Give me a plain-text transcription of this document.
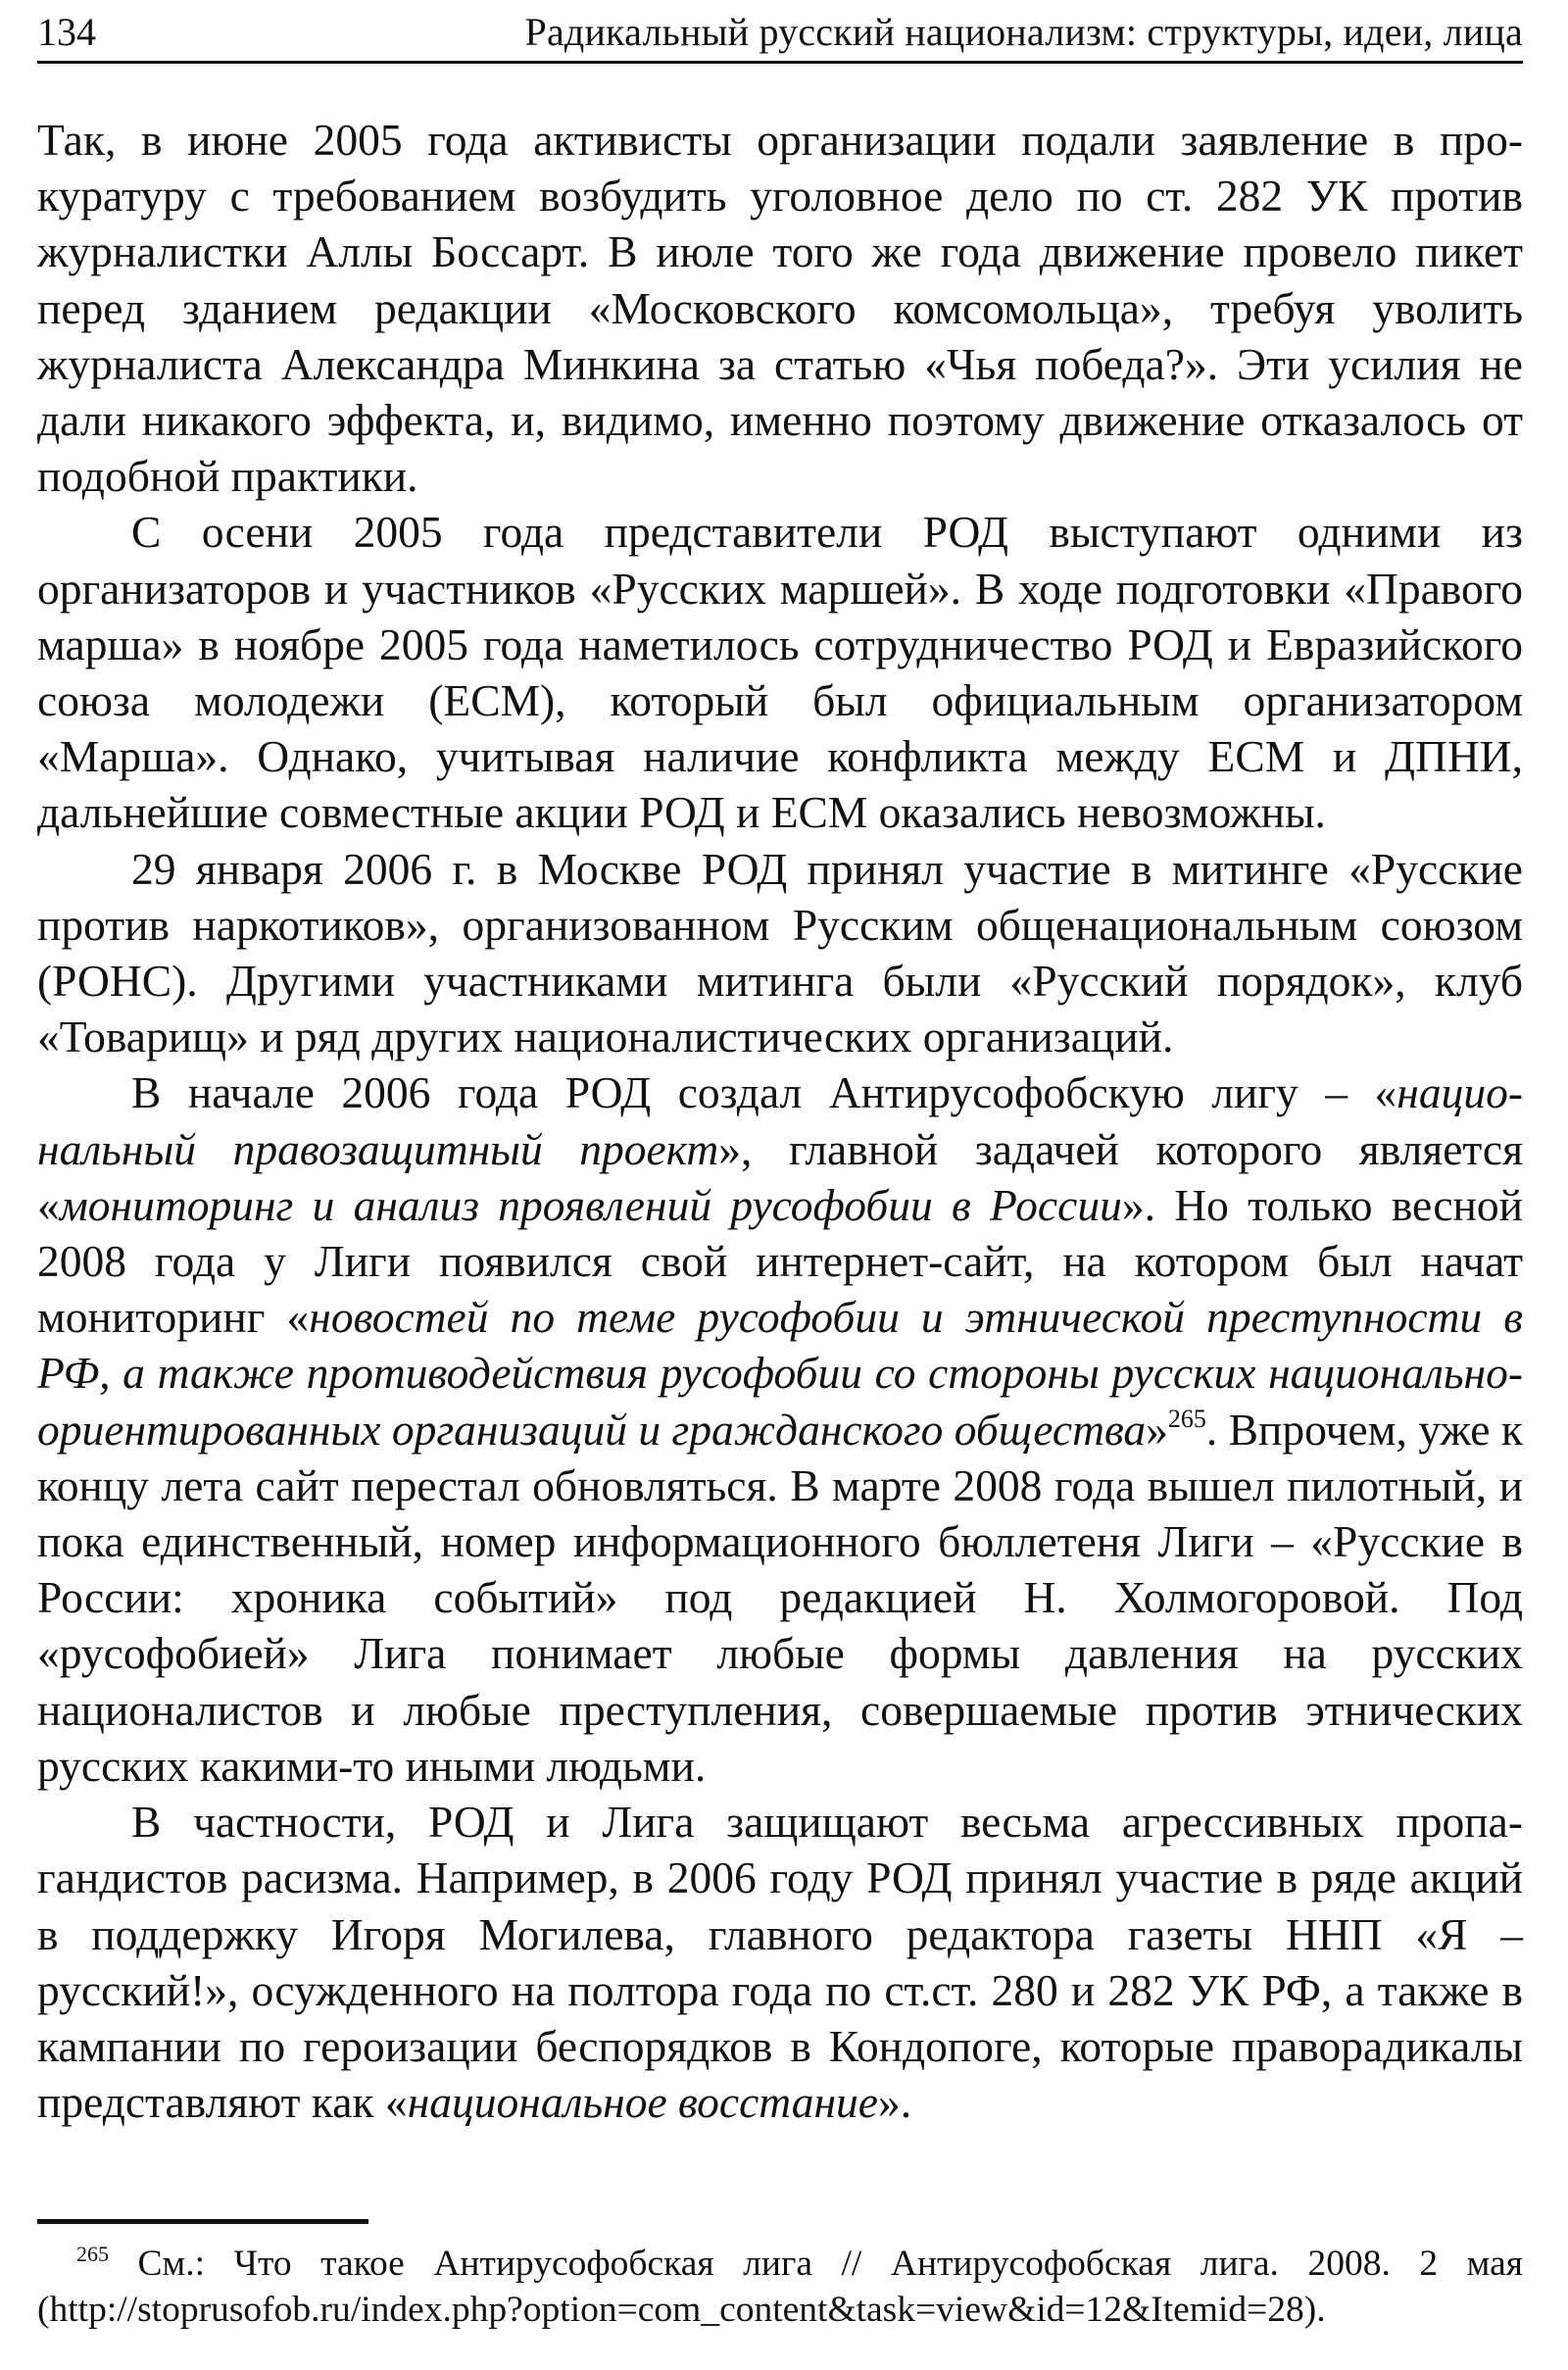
134	Радикальный русский национализм: структуры, идеи, лица

Так, в июне 2005 года активисты организации подали заявление в прокуратуру с требованием возбудить уголовное дело по ст. 282 УК против журналистки Аллы Боссарт. В июле того же года движение провело пикет перед зданием редакции «Московского комсомольца», требуя уволить журналиста Александра Минкина за статью «Чья победа?». Эти усилия не дали никакого эффекта, и, видимо, именно поэтому движение отказалось от подобной практики.

С осени 2005 года представители РОД выступают одними из организаторов и участников «Русских маршей». В ходе подготовки «Правого марша» в ноябре 2005 года наметилось сотрудничество РОД и Евразийского союза молодежи (ЕСМ), который был официальным организатором «Марша». Однако, учитывая наличие конфликта между ЕСМ и ДПНИ, дальнейшие совместные акции РОД и ЕСМ оказались невозможны.

29 января 2006 г. в Москве РОД принял участие в митинге «Русские против наркотиков», организованном Русским общенациональным союзом (РОНС). Другими участниками митинга были «Русский порядок», клуб «Товарищ» и ряд других националистических организаций.

В начале 2006 года РОД создал Антирусофобскую лигу – «национальный правозащитный проект», главной задачей которого является «мониторинг и анализ проявлений русофобии в России». Но только весной 2008 года у Лиги появился свой интернет-сайт, на котором был начат мониторинг «новостей по теме русофобии и этнической преступности в РФ, а также противодействия русофобии со стороны русских национально-ориентированных организаций и гражданского общества»$^{265}$. Впрочем, уже к концу лета сайт перестал обновляться. В марте 2008 года вышел пилотный, и пока единственный, номер информационного бюллетеня Лиги – «Русские в России: хроника событий» под редакцией Н. Холмогоровой. Под «русофобией» Лига понимает любые формы давления на русских националистов и любые преступления, совершаемые против этнических русских какими-то иными людьми.

В частности, РОД и Лига защищают весьма агрессивных пропагандистов расизма. Например, в 2006 году РОД принял участие в ряде акций в поддержку Игоря Могилева, главного редактора газеты ННП «Я – русский!», осужденного на полтора года по ст.ст. 280 и 282 УК РФ, а также в кампании по героизации беспорядков в Кондопоге, которые праворадикалы представляют как «национальное восстание».

$^{265}$ См.: Что такое Антирусофобская лига // Антирусофобская лига. 2008. 2 мая (http://stoprusofob.ru/index.php?option=com_content&task=view&id=12&Itemid=28).
